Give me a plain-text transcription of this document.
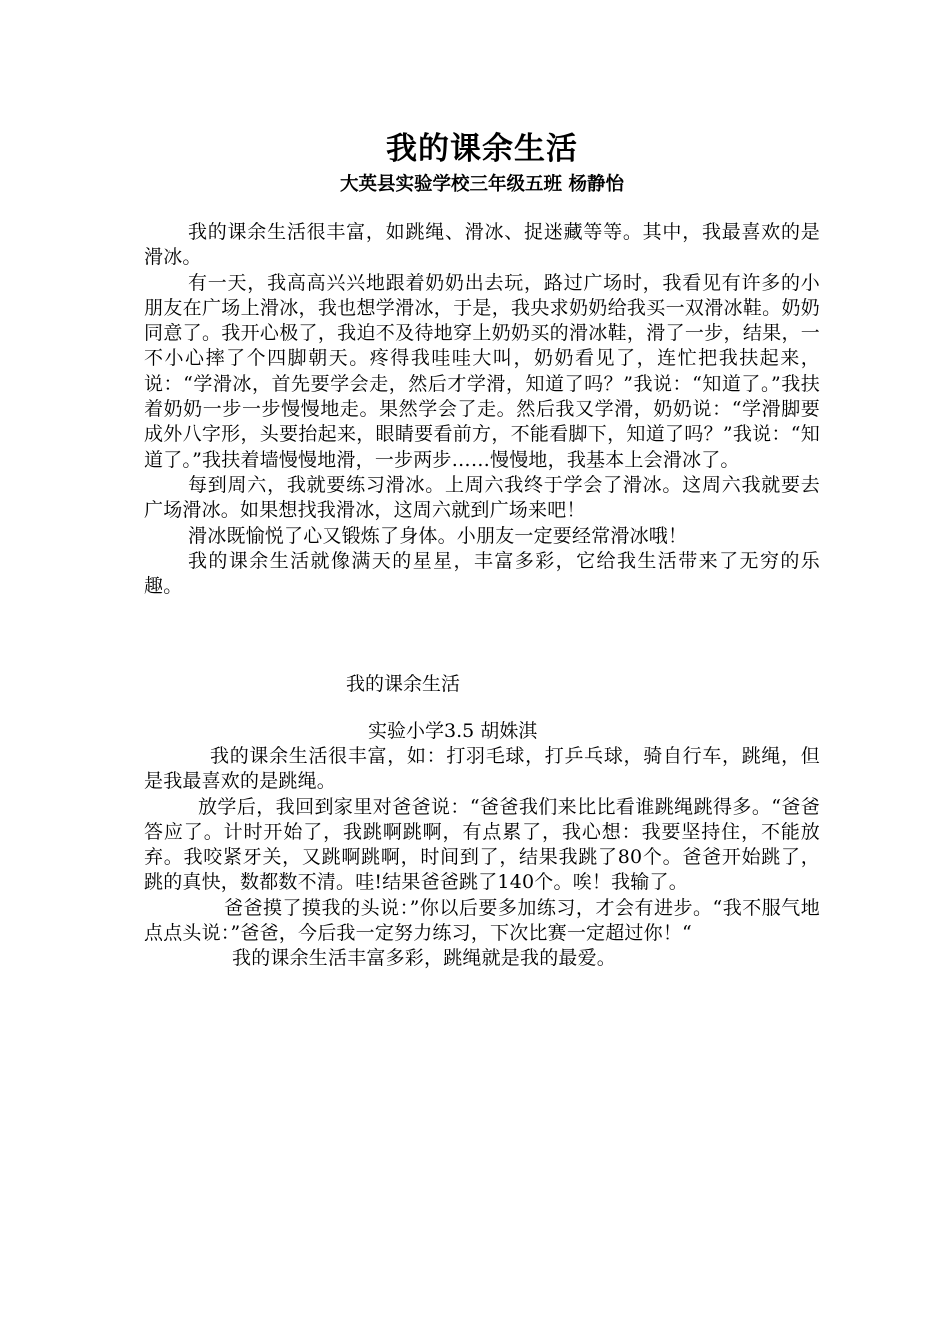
我的课余生活

大英县实验学校三年级五班 杨静怡

我的课余生活很丰富，如跳绳、滑冰、捉迷藏等等。其中，我最喜欢的是滑冰。

有一天，我高高兴兴地跟着奶奶出去玩，路过广场时，我看见有许多的小朋友在广场上滑冰，我也想学滑冰，于是，我央求奶奶给我买一双滑冰鞋。奶奶同意了。我开心极了，我迫不及待地穿上奶奶买的滑冰鞋，滑了一步，结果，一不小心摔了个四脚朝天。疼得我哇哇大叫，奶奶看见了，连忙把我扶起来，说：“学滑冰，首先要学会走，然后才学滑，知道了吗？”我说：“知道了。”我扶着奶奶一步一步慢慢地走。果然学会了走。然后我又学滑，奶奶说：“学滑脚要成外八字形，头要抬起来，眼睛要看前方，不能看脚下，知道了吗？”我说：“知道了。”我扶着墙慢慢地滑，一步两步……慢慢地，我基本上会滑冰了。

每到周六，我就要练习滑冰。上周六我终于学会了滑冰。这周六我就要去广场滑冰。如果想找我滑冰，这周六就到广场来吧！

滑冰既愉悦了心又锻炼了身体。小朋友一定要经常滑冰哦！

我的课余生活就像满天的星星，丰富多彩，它给我生活带来了无穷的乐趣。

我的课余生活

实验小学3.5 胡姝淇

我的课余生活很丰富，如：打羽毛球，打乒乓球，骑自行车，跳绳，但是我最喜欢的是跳绳。

放学后，我回到家里对爸爸说：“爸爸我们来比比看谁跳绳跳得多。“爸爸答应了。计时开始了，我跳啊跳啊，有点累了，我心想：我要坚持住，不能放弃。我咬紧牙关，又跳啊跳啊，时间到了，结果我跳了80个。爸爸开始跳了，跳的真快，数都数不清。哇!结果爸爸跳了140个。唉！我输了。

爸爸摸了摸我的头说：”你以后要多加练习，才会有进步。“我不服气地点点头说：”爸爸，今后我一定努力练习，下次比赛一定超过你！“

我的课余生活丰富多彩，跳绳就是我的最爱。
